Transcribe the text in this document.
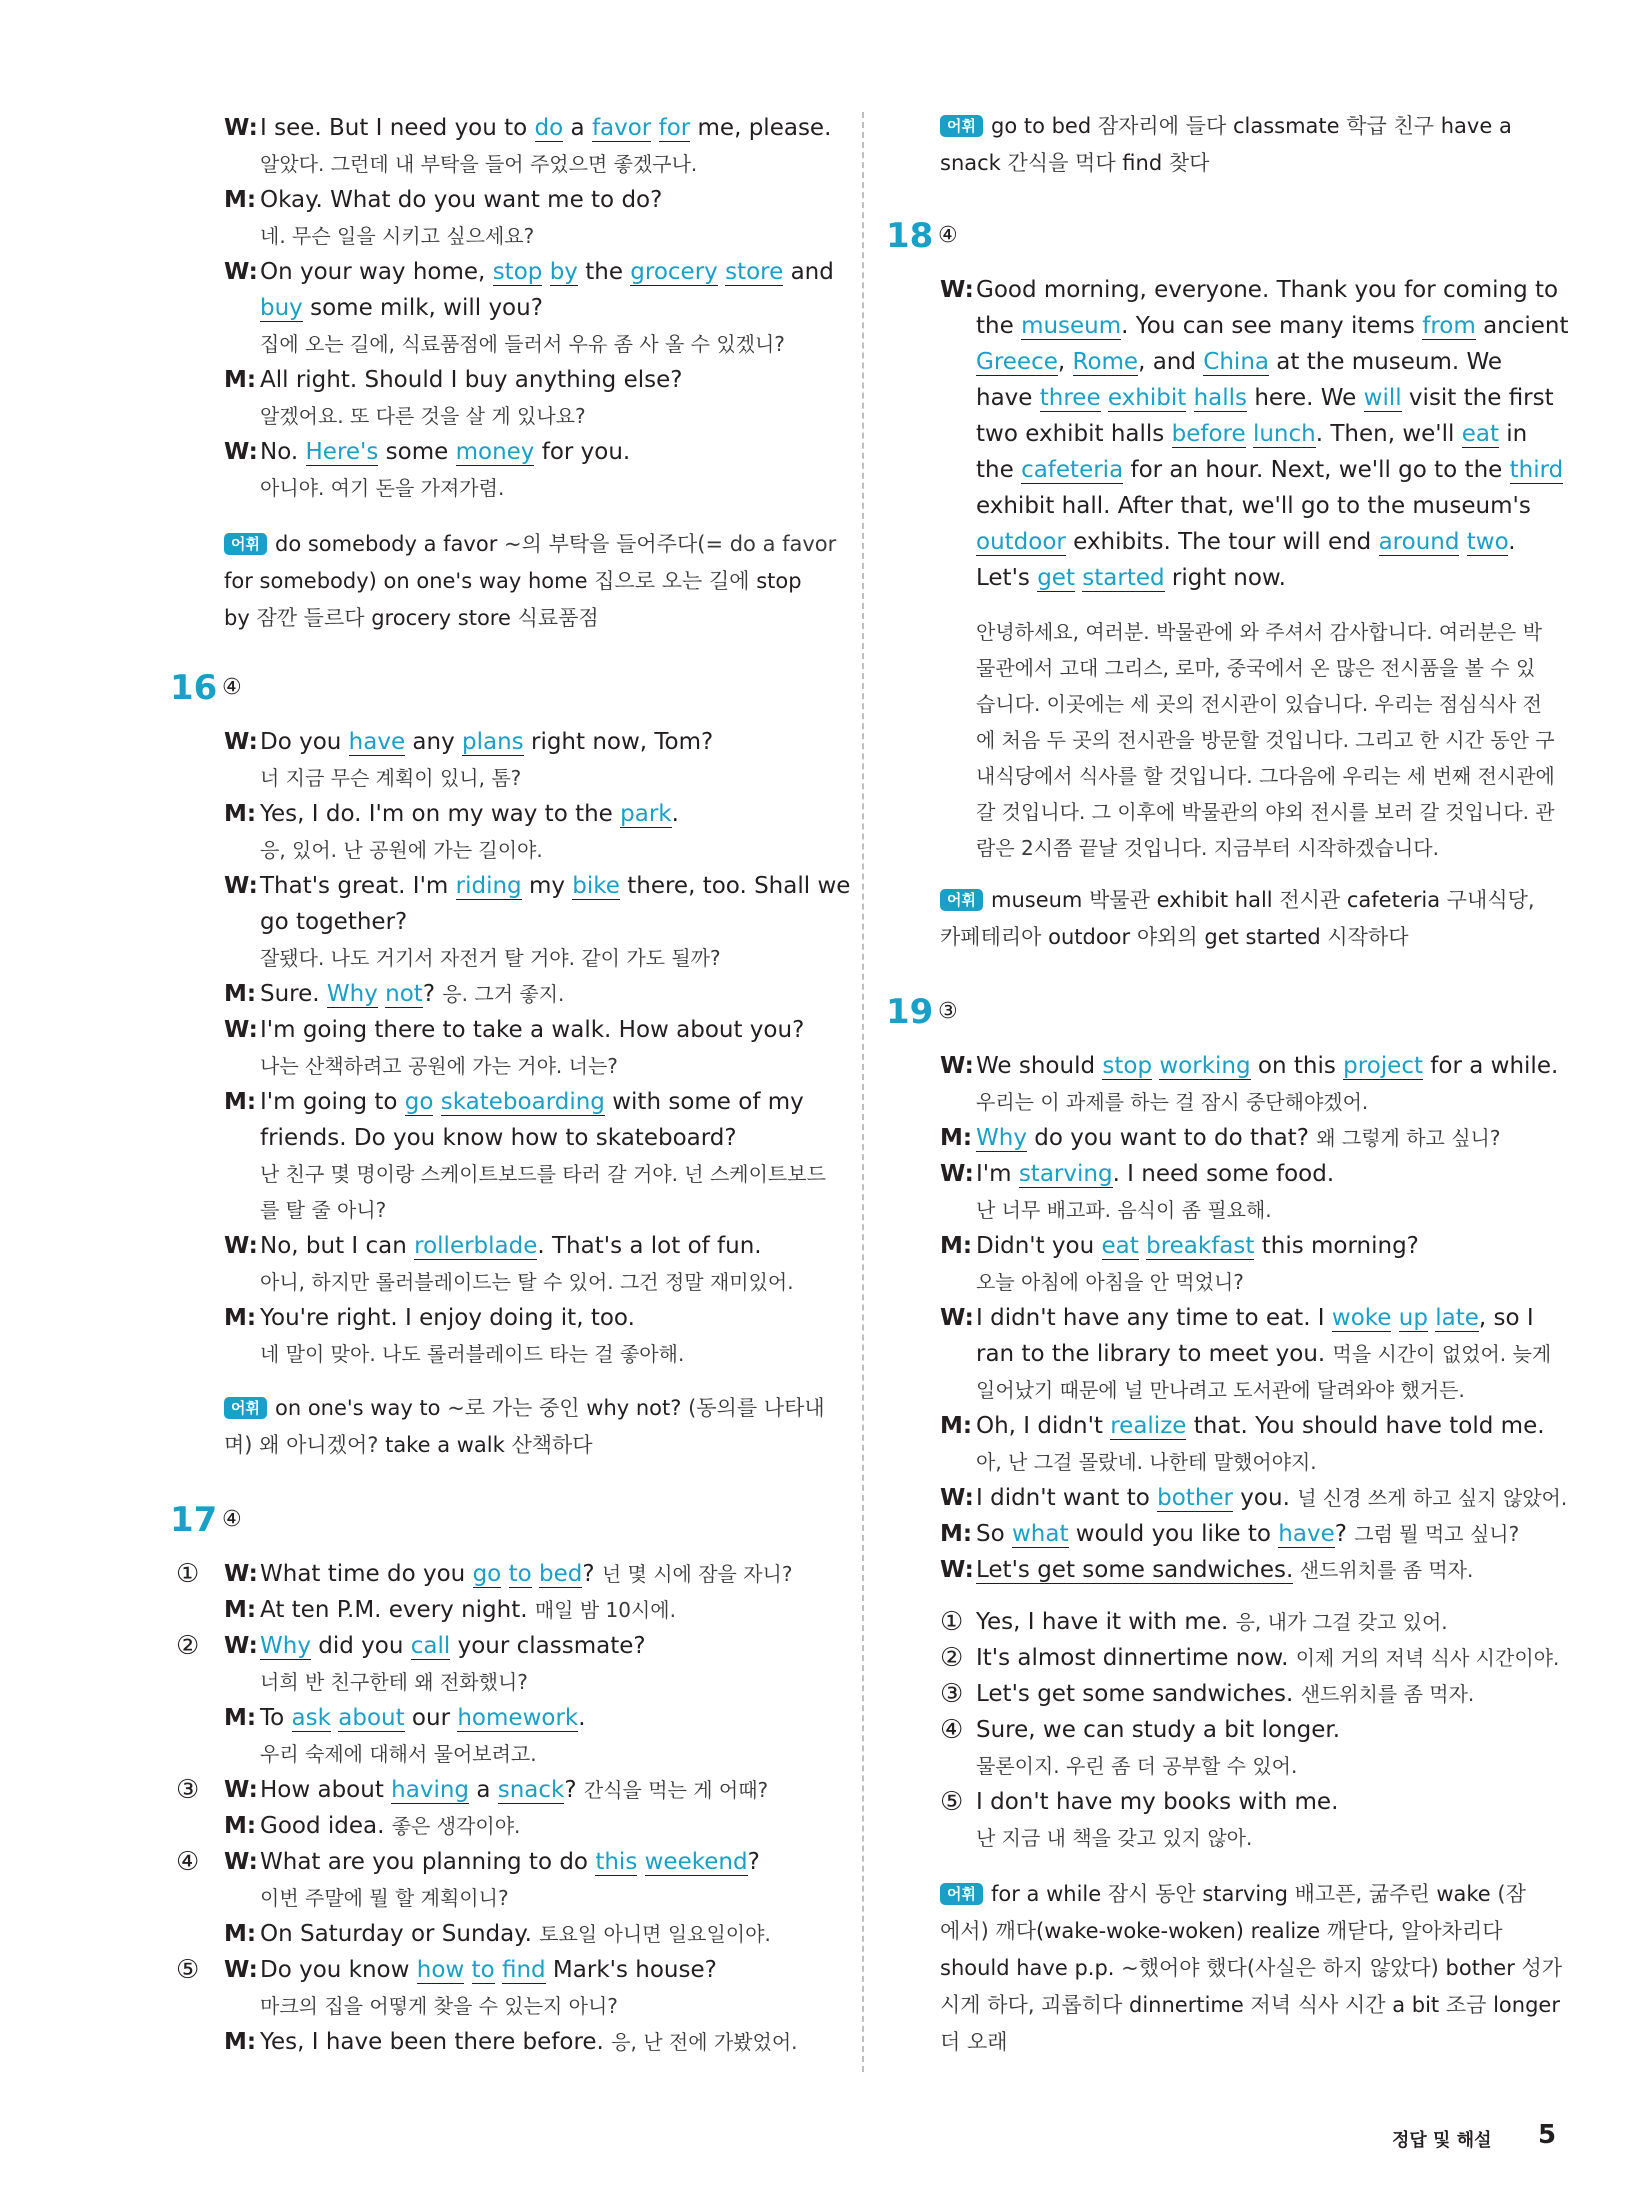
W: I see. But I need you to do a favor for me, please.
알았다. 그런데 내 부탁을 들어 주었으면 좋겠구나.
M: Okay. What do you want me to do?
네. 무슨 일을 시키고 싶으세요?
W: On your way home, stop by the grocery store and
buy some milk, will you?
집에 오는 길에, 식료품점에 들러서 우유 좀 사 올 수 있겠니?
M: All right. Should I buy anything else?
알겠어요. 또 다른 것을 살 게 있나요?
W: No. Here's some money for you.
아니야. 여기 돈을 가져가렴.
어휘 do somebody a favor ~의 부탁을 들어주다(= do a favor
for somebody) on one's way home 집으로 오는 길에 stop
by 잠깐 들르다 grocery store 식료품점
16 ④
W: Do you have any plans right now, Tom?
너 지금 무슨 계획이 있니, 톰?
M: Yes, I do. I'm on my way to the park.
응, 있어. 난 공원에 가는 길이야.
W: That's great. I'm riding my bike there, too. Shall we
go together?
잘됐다. 나도 거기서 자전거 탈 거야. 같이 가도 될까?
M: Sure. Why not? 응. 그거 좋지.
W: I'm going there to take a walk. How about you?
나는 산책하려고 공원에 가는 거야. 너는?
M: I'm going to go skateboarding with some of my
friends. Do you know how to skateboard?
난 친구 몇 명이랑 스케이트보드를 타러 갈 거야. 넌 스케이트보드
를 탈 줄 아니?
W: No, but I can rollerblade. That's a lot of fun.
아니, 하지만 롤러블레이드는 탈 수 있어. 그건 정말 재미있어.
M: You're right. I enjoy doing it, too.
네 말이 맞아. 나도 롤러블레이드 타는 걸 좋아해.
어휘 on one's way to ~로 가는 중인 why not? (동의를 나타내
며) 왜 아니겠어? take a walk 산책하다
17 ④
① W: What time do you go to bed? 넌 몇 시에 잠을 자니?
M: At ten P.M. every night. 매일 밤 10시에.
② W: Why did you call your classmate?
너희 반 친구한테 왜 전화했니?
M: To ask about our homework.
우리 숙제에 대해서 물어보려고.
③ W: How about having a snack? 간식을 먹는 게 어때?
M: Good idea. 좋은 생각이야.
④ W: What are you planning to do this weekend?
이번 주말에 뭘 할 계획이니?
M: On Saturday or Sunday. 토요일 아니면 일요일이야.
⑤ W: Do you know how to find Mark's house?
마크의 집을 어떻게 찾을 수 있는지 아니?
M: Yes, I have been there before. 응, 난 전에 가봤었어.
어휘 go to bed 잠자리에 들다 classmate 학급 친구 have a
snack 간식을 먹다 find 찾다
18 ④
W: Good morning, everyone. Thank you for coming to
the museum. You can see many items from ancient
Greece, Rome, and China at the museum. We
have three exhibit halls here. We will visit the first
two exhibit halls before lunch. Then, we'll eat in
the cafeteria for an hour. Next, we'll go to the third
exhibit hall. After that, we'll go to the museum's
outdoor exhibits. The tour will end around two.
Let's get started right now.
안녕하세요, 여러분. 박물관에 와 주셔서 감사합니다. 여러분은 박
물관에서 고대 그리스, 로마, 중국에서 온 많은 전시품을 볼 수 있
습니다. 이곳에는 세 곳의 전시관이 있습니다. 우리는 점심식사 전
에 처음 두 곳의 전시관을 방문할 것입니다. 그리고 한 시간 동안 구
내식당에서 식사를 할 것입니다. 그다음에 우리는 세 번째 전시관에
갈 것입니다. 그 이후에 박물관의 야외 전시를 보러 갈 것입니다. 관
람은 2시쯤 끝날 것입니다. 지금부터 시작하겠습니다.
어휘 museum 박물관 exhibit hall 전시관 cafeteria 구내식당,
카페테리아 outdoor 야외의 get started 시작하다
19 ③
W: We should stop working on this project for a while.
우리는 이 과제를 하는 걸 잠시 중단해야겠어.
M: Why do you want to do that? 왜 그렇게 하고 싶니?
W: I'm starving. I need some food.
난 너무 배고파. 음식이 좀 필요해.
M: Didn't you eat breakfast this morning?
오늘 아침에 아침을 안 먹었니?
W: I didn't have any time to eat. I woke up late, so I
ran to the library to meet you. 먹을 시간이 없었어. 늦게
일어났기 때문에 널 만나려고 도서관에 달려와야 했거든.
M: Oh, I didn't realize that. You should have told me.
아, 난 그걸 몰랐네. 나한테 말했어야지.
W: I didn't want to bother you. 널 신경 쓰게 하고 싶지 않았어.
M: So what would you like to have? 그럼 뭘 먹고 싶니?
W: Let's get some sandwiches. 샌드위치를 좀 먹자.
① Yes, I have it with me. 응, 내가 그걸 갖고 있어.
② It's almost dinnertime now. 이제 거의 저녁 식사 시간이야.
③ Let's get some sandwiches. 샌드위치를 좀 먹자.
④ Sure, we can study a bit longer.
물론이지. 우린 좀 더 공부할 수 있어.
⑤ I don't have my books with me.
난 지금 내 책을 갖고 있지 않아.
어휘 for a while 잠시 동안 starving 배고픈, 굶주린 wake (잠
에서) 깨다(wake-woke-woken) realize 깨닫다, 알아차리다
should have p.p. ~했어야 했다(사실은 하지 않았다) bother 성가
시게 하다, 괴롭히다 dinnertime 저녁 식사 시간 a bit 조금 longer
더 오래
정답 및 해설 5
